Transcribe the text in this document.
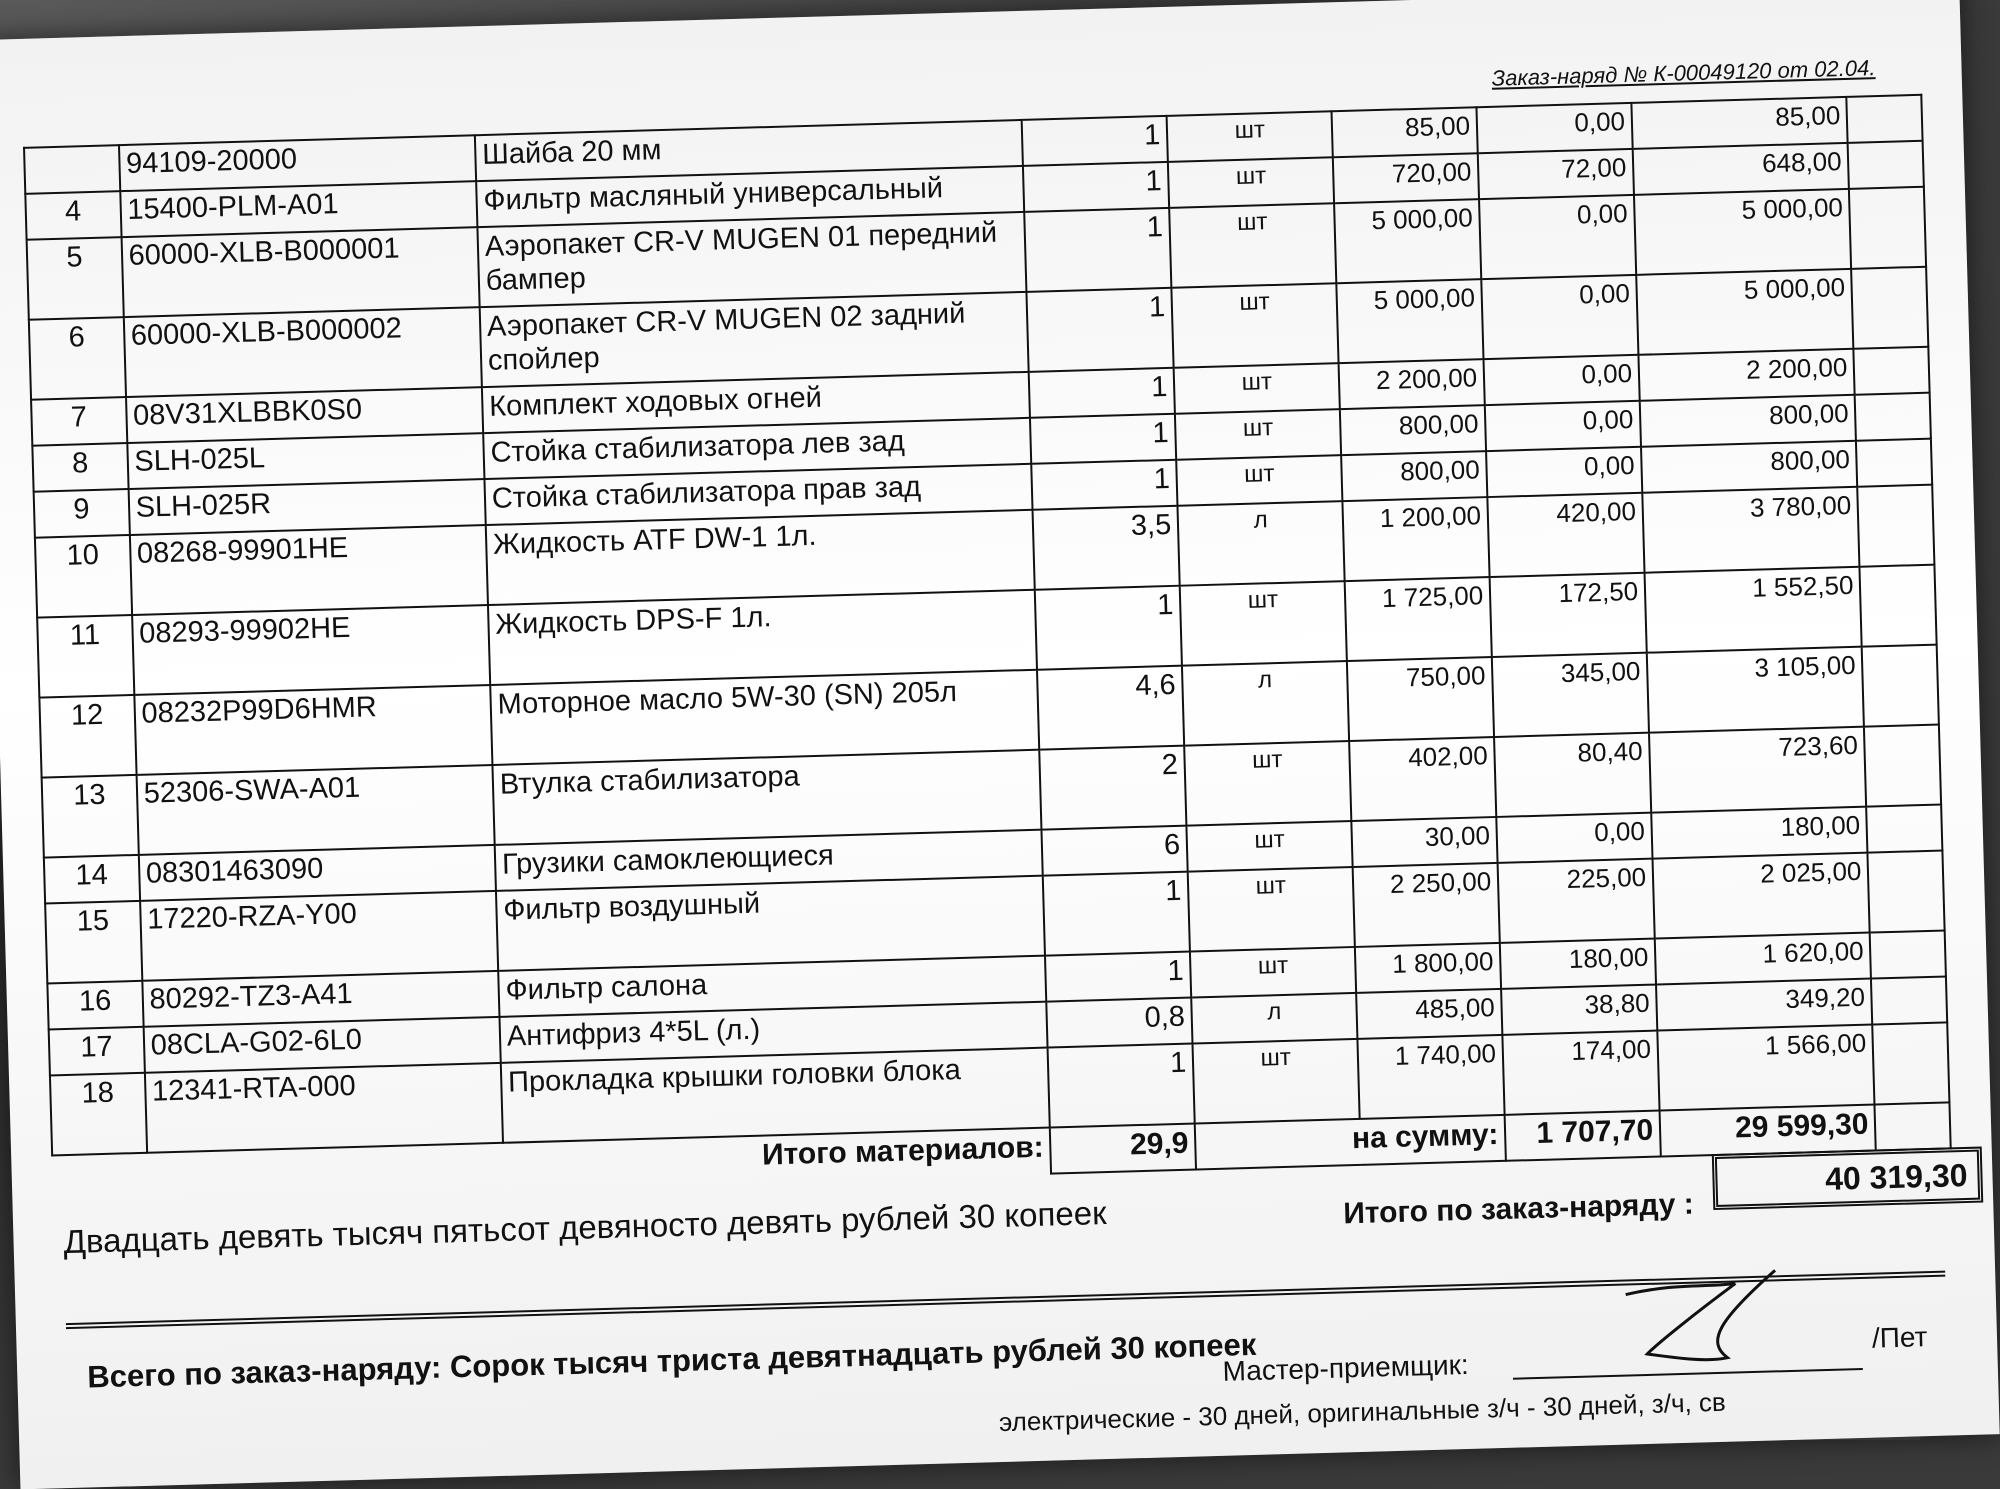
Заказ-наряд № К-00049120 от 02.04.
	94109-20000	Шайба 20 мм	1	шт	85,00	0,00	85,00	
4	15400-PLM-A01	Фильтр масляный универсальный	1	шт	720,00	72,00	648,00	
5	60000-XLB-B000001	Аэропакет CR-V MUGEN 01 передний бампер	1	шт	5 000,00	0,00	5 000,00	
6	60000-XLB-B000002	Аэропакет CR-V MUGEN 02 задний спойлер	1	шт	5 000,00	0,00	5 000,00	
7	08V31XLBBK0S0	Комплект ходовых огней	1	шт	2 200,00	0,00	2 200,00	
8	SLH-025L	Стойка стабилизатора лев зад	1	шт	800,00	0,00	800,00	
9	SLH-025R	Стойка стабилизатора прав зад	1	шт	800,00	0,00	800,00	
10	08268-99901HE	Жидкость ATF DW-1 1л.	3,5	л	1 200,00	420,00	3 780,00	
11	08293-99902HE	Жидкость DPS-F 1л.	1	шт	1 725,00	172,50	1 552,50	
12	08232P99D6HMR	Моторное масло 5W-30 (SN) 205л	4,6	л	750,00	345,00	3 105,00	
13	52306-SWA-A01	Втулка стабилизатора	2	шт	402,00	80,40	723,60	
14	08301463090	Грузики самоклеющиеся	6	шт	30,00	0,00	180,00	
15	17220-RZA-Y00	Фильтр воздушный	1	шт	2 250,00	225,00	2 025,00	
16	80292-TZ3-A41	Фильтр салона	1	шт	1 800,00	180,00	1 620,00	
17	08CLA-G02-6L0	Антифриз 4*5L (л.)	0,8	л	485,00	38,80	349,20	
18	12341-RTA-000	Прокладка крышки головки блока	1	шт	1 740,00	174,00	1 566,00	
Итого материалов:			29,9	на сумму:		1 707,70	29 599,30	
Двадцать девять тысяч пятьсот девяносто девять рублей 30 копеек	Итого по заказ-наряду :
40 319,30
Всего по заказ-наряду: Сорок тысяч триста девятнадцать рублей 30 копеек
Мастер-приемщик:
/Пет
электрические - 30 дней, оригинальные з/ч - 30 дней, з/ч, св
